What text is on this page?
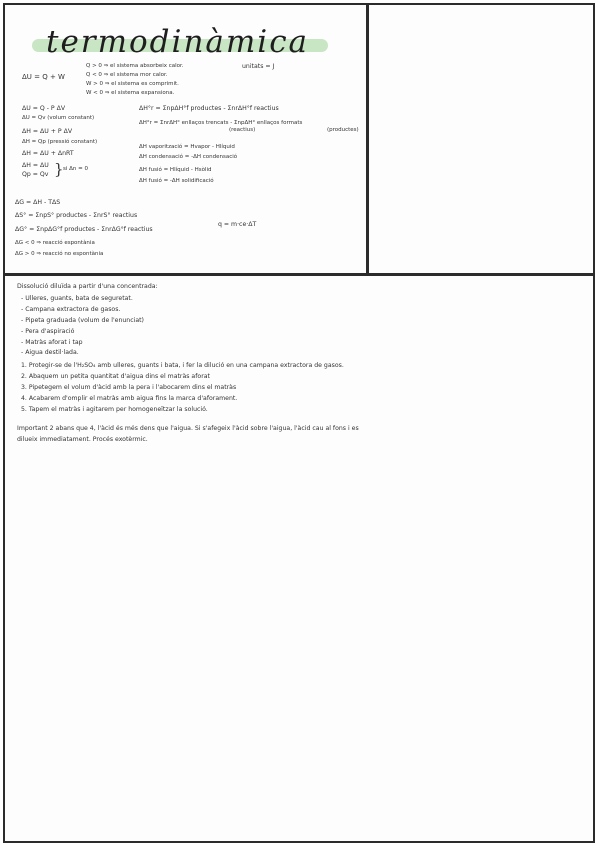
termodinàmica
ΔU = Q + W
Q > 0 ⇒ el sistema absorbeix calor.
Q < 0 ⇒ el sistema mor calor.
W > 0 ⇒ el sistema es comprimit.
W < 0 ⇒ el sistema expansiona.
unitats = J
ΔU = Q - P ΔV
ΔU = Qv (volum constant)
ΔH = ΔU + P ΔV
ΔH = Qp (pressió constant)
ΔH = ΔU + ΔnRT
ΔH = ΔU
Qp = Qv } si Δn = 0
ΔH°r = ΣnpΔH°f productes - ΣnrΔH°f reactius
ΔH°r = ΣnrΔH° enllaços trencats - ΣnpΔH° enllaços formats
(reactius)	(productes)
ΔH vaporització = Hvapor - Hlíquid
ΔH condensació = -ΔH condensació
ΔH fusió = Hlíquid - Hsòlid
ΔH fusió = -ΔH solidificació
ΔG = ΔH - TΔS
ΔS° = ΣnpS° productes - ΣnrS° reactius
ΔG° = ΣnpΔG°f productes - ΣnrΔG°f reactius
q = m·ce·ΔT
ΔG < 0 ⇒ reacció espontània
ΔG > 0 ⇒ reacció no espontània
Dissolució diluïda a partir d'una concentrada:
- Ulleres, guants, bata de seguretat.
- Campana extractora de gasos.
- Pipeta graduada (volum de l'enunciat)
- Pera d'aspiració
- Matràs aforat i tap
- Aigua destil·lada.
1. Protegir-se de l'H₂SO₄ amb ulleres, guants i bata, i fer la dilució en una campana extractora de gasos.
2. Abaquem un petita quantitat d'aigua dins el matràs aforat
3. Pipetegem el volum d'àcid amb la pera i l'abocarem dins el matràs
4. Acabarem d'omplir el matràs amb aigua fins la marca d'aforament.
5. Tapem el matràs i agitarem per homogeneïtzar la solució.
Important 2 abans que 4, l'àcid és més dens que l'aigua. Si s'afegeix l'àcid sobre l'aigua, l'àcid cau al fons i es
dilueix immediatament. Procés exotèrmic.
